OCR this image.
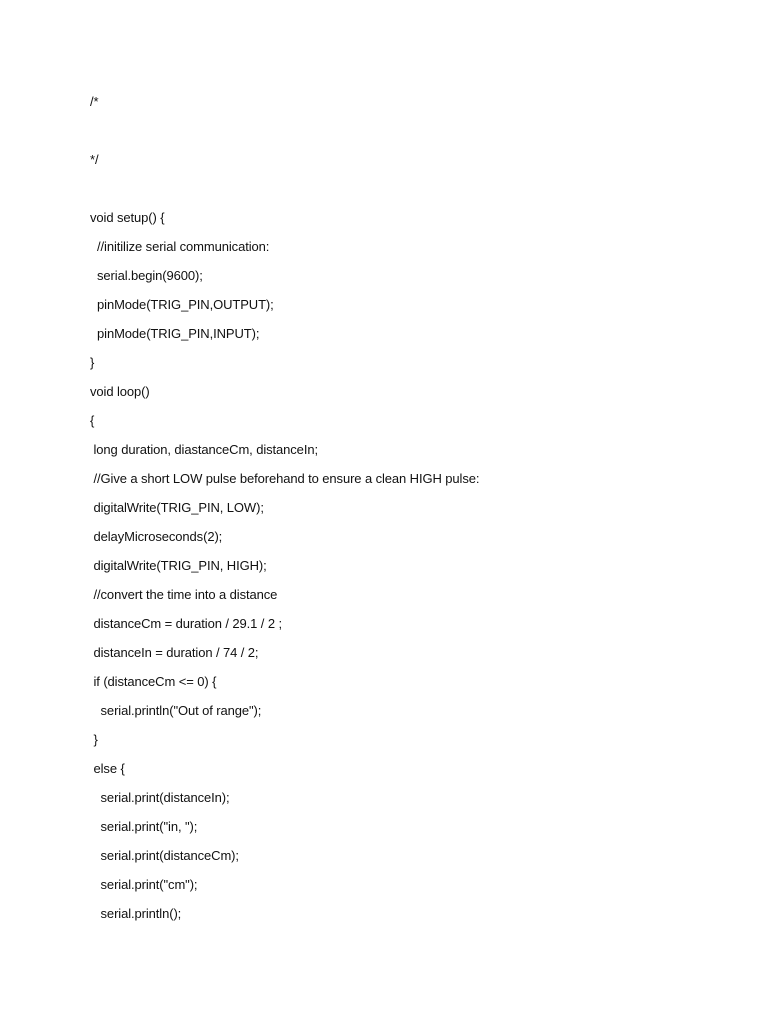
/*
*/
void setup() {
//initilize serial communication:
serial.begin(9600);
pinMode(TRIG_PIN,OUTPUT);
pinMode(TRIG_PIN,INPUT);
}
void loop()
{
long duration, diastanceCm, distanceIn;
//Give a short LOW pulse beforehand to ensure a clean HIGH pulse:
digitalWrite(TRIG_PIN, LOW);
delayMicroseconds(2);
digitalWrite(TRIG_PIN, HIGH);
//convert the time into a distance
distanceCm = duration / 29.1 / 2 ;
distanceIn = duration / 74 / 2;
if (distanceCm <= 0) {
serial.println("Out of range");
}
else {
serial.print(distanceIn);
serial.print("in, ");
serial.print(distanceCm);
serial.print("cm");
serial.println();
